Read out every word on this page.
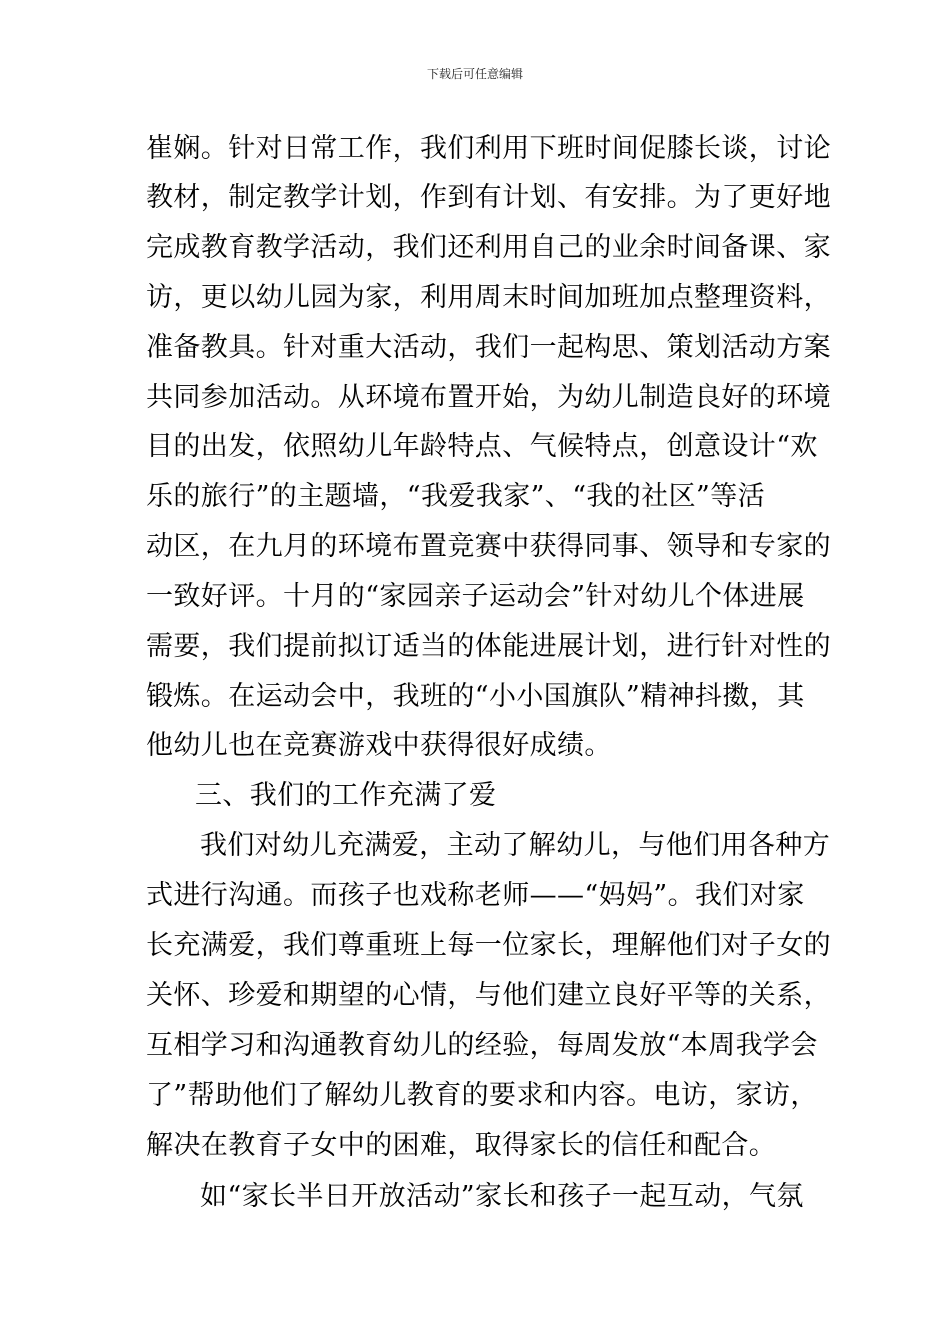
下载后可任意编辑
崔娴。针对日常工作，我们利用下班时间促膝长谈，讨论
教材，制定教学计划，作到有计划、有安排。为了更好地
完成教育教学活动，我们还利用自己的业余时间备课、家
访，更以幼儿园为家，利用周末时间加班加点整理资料，
准备教具。针对重大活动，我们一起构思、策划活动方案
共同参加活动。从环境布置开始，为幼儿制造良好的环境
目的出发，依照幼儿年龄特点、气候特点，创意设计“欢
乐的旅行”的主题墙，“我爱我家”、“我的社区”等活
动区，在九月的环境布置竞赛中获得同事、领导和专家的
一致好评。十月的“家园亲子运动会”针对幼儿个体进展
需要，我们提前拟订适当的体能进展计划，进行针对性的
锻炼。在运动会中，我班的“小小国旗队”精神抖擞，其
他幼儿也在竞赛游戏中获得很好成绩。
三、我们的工作充满了爱
我们对幼儿充满爱，主动了解幼儿，与他们用各种方
式进行沟通。而孩子也戏称老师——“妈妈”。我们对家
长充满爱，我们尊重班上每一位家长，理解他们对子女的
关怀、珍爱和期望的心情，与他们建立良好平等的关系，
互相学习和沟通教育幼儿的经验，每周发放“本周我学会
了”帮助他们了解幼儿教育的要求和内容。电访，家访，
解决在教育子女中的困难，取得家长的信任和配合。
如“家长半日开放活动”家长和孩子一起互动，气氛
